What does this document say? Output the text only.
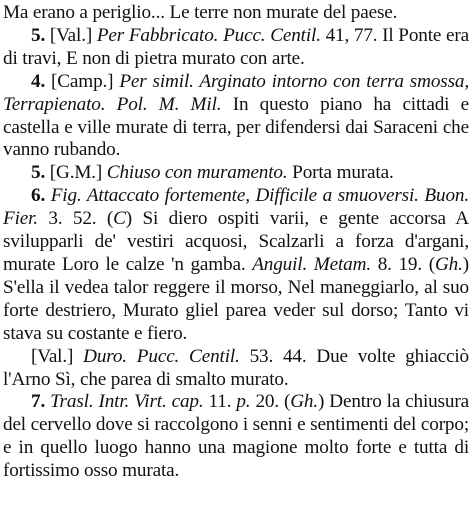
Ma erano a periglio... Le terre non murate del paese.

5. [Val.] Per Fabbricato. Pucc. Centil. 41, 77. Il Ponte era di travi, E non di pietra murato con arte.

4. [Camp.] Per simil. Arginato intorno con terra smossa, Terrapienato. Pol. M. Mil. In questo piano ha cittadi e castella e ville murate di terra, per difendersi dai Saraceni che vanno rubando.

5. [G.M.] Chiuso con muramento. Porta murata.

6. Fig. Attaccato fortemente, Difficile a smuoversi. Buon. Fier. 3. 52. (C) Si diero ospiti varii, e gente accorsa A svilupparli de' vestiri acquosi, Scalzarli a forza d'argani, murate Loro le calze 'n gamba. Anguil. Metam. 8. 19. (Gh.) S'ella il vedea talor reggere il morso, Nel maneggiarlo, al suo forte destriero, Murato gliel parea veder sul dorso; Tanto vi stava su costante e fiero.

[Val.] Duro. Pucc. Centil. 53. 44. Due volte ghiacciò l'Arno Sì, che parea di smalto murato.

7. Trasl. Intr. Virt. cap. 11. p. 20. (Gh.) Dentro la chiusura del cervello dove si raccolgono i senni e sentimenti del corpo; e in quello luogo hanno una magione molto forte e tutta di fortissimo osso murata.
